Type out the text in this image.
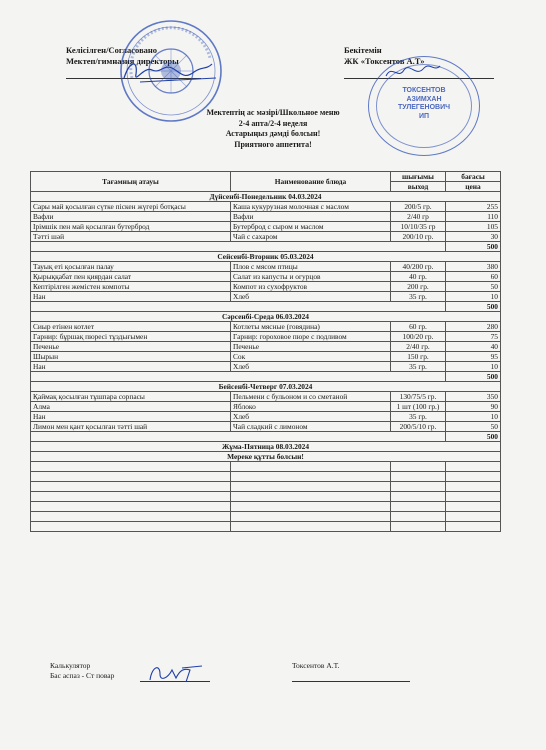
Келісілген/Согласовано
Мектеп/гимназия директоры
Бекітемін
ЖК «Токсентов А.Т»
ТОКСЕНТОВ
АЗИМХАН
ТУЛЕГЕНОВИЧ
ИП
Мектептің ас мәзірі/Школьное меню
2-4 апта/2-4 неделя
Астарыңыз дәмді болсын!
Приятного аппетита!
Тағамның атауы	Наименование блюда	шығымы	бағасы
		выход	цена
Дүйсенбі-Понедельник 04.03.2024			
Сары май қосылған сүтке піскен жүгері ботқасы	Каша кукурузная молочная с маслом	200/5 гр.	255
Вафли	Вафли	2/40 гр	110
Ірімшік пен май қосылған бутерброд	Бутерброд с сыром и маслом	10/10/35 гр	105
Тәтті шәй	Чай с сахаром	200/10 гр.	30
			500
Сейсенбі-Вторник 05.03.2024			
Тауық еті қосылған палау	Плов с мясом птицы	40/200 гр.	380
Қырыққабат пен қиярдан салат	Салат из капусты и огурцов	40 гр.	60
Кептірілген жемістен компоты	Компот из сухофруктов	200 гр.	50
Нан	Хлеб	35 гр.	10
			500
Сәрсенбі-Среда 06.03.2024			
Сиыр етінен котлет	Котлеты мясные (говядина)	60 гр.	280
Гарнир: бұршақ пюресі тұздығымен	Гарнир: гороховое пюре с подливом	100/20 гр.	75
Печенье	Печенье	2/40 гр.	40
Шырын	Сок	150 гр.	95
Нан	Хлеб	35 гр.	10
			500
Бейсенбі-Четверг 07.03.2024			
Қаймақ қосылған тұшпара сорпасы	Пельмени с бульоном и со сметаной	130/75/5 гр.	350
Алма	Яблоко	1 шт (100 гр.)	90
Нан	Хлеб	35 гр.	10
Лимон мен қант қосылған тәтті шай	Чай сладкий с лимоном	200/5/10 гр.	50
			500
Жұма-Пятница 08.03.2024			
Мереке құтты болсын!			

Калькулятор
Бас аспаз - Ст повар
Токсентов А.Т.
